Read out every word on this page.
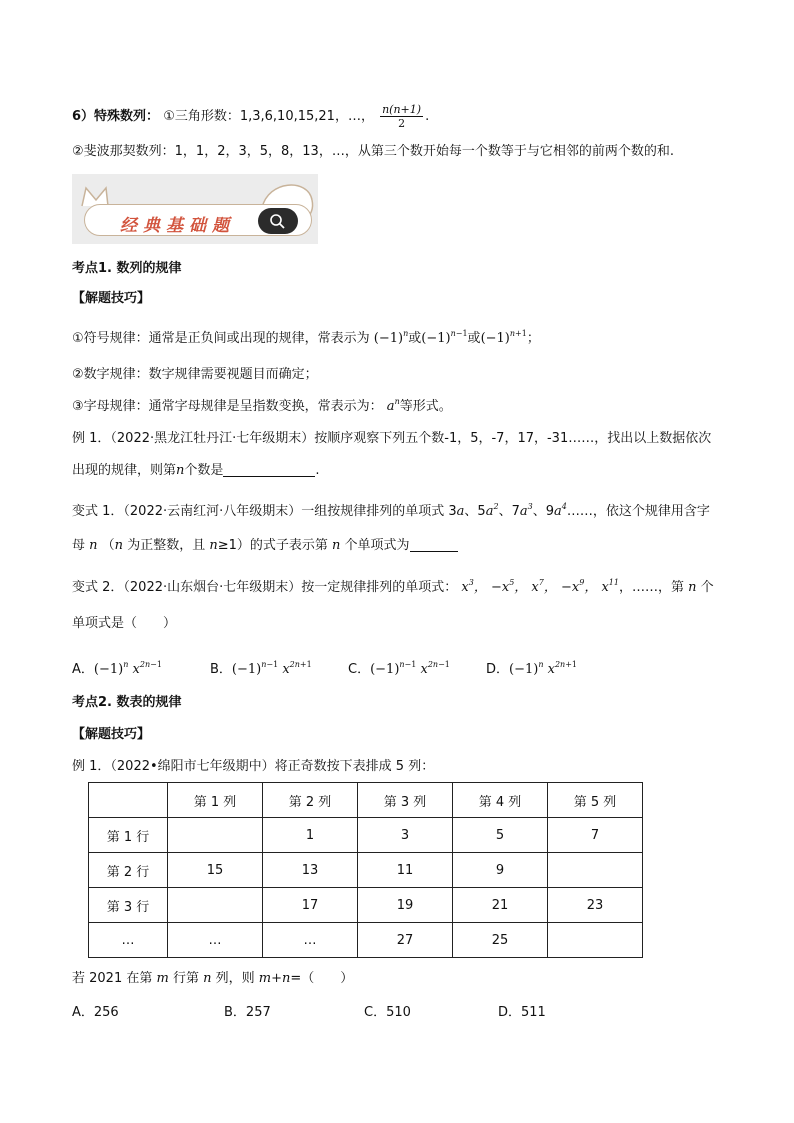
6）特殊数列： ①三角形数：1,3,6,10,15,21，…， $\frac{n(n+1)}{2}$ .
②斐波那契数列：1，1，2，3，5，8，13，…，从第三个数开始每一个数等于与它相邻的前两个数的和.
经典基础题
考点1. 数列的规律
【解题技巧】
①符号规律：通常是正负间或出现的规律，常表示为 $(-1)^n$或$(-1)^{n-1}$或$(-1)^{n+1}$；
②数字规律：数字规律需要视题目而确定；
③字母规律：通常字母规律是呈指数变换，常表示为： $a^n$等形式。
例 1．（2022·黑龙江牡丹江·七年级期末）按顺序观察下列五个数-1，5，-7，17，-31……，找出以上数据依次
出现的规律，则第n个数是	.
变式 1．（2022·云南红河·八年级期末）一组按规律排列的单项式 3a、$5a^2$、$7a^3$、$9a^4\dots\dots$，依这个规律用含字
母 n （n 为正整数，且 n≥1）的式子表示第 n 个单项式为
变式 2．（2022·山东烟台·七年级期末）按一定规律排列的单项式： $x^3$， $-x^5$， $x^7$， $-x^9$， $x^{11}$，……，第 n 个
单项式是（　　）
A．$(-1)^n$ $x^{2n-1}$	B．$(-1)^{n-1}$ $x^{2n+1}$	C．$(-1)^{n-1}$ $x^{2n-1}$	D．$(-1)^n$ $x^{2n+1}$
考点2. 数表的规律
【解题技巧】
例 1．（2022•绵阳市七年级期中）将正奇数按下表排成 5 列：
	第 1 列	第 2 列	第 3 列	第 4 列	第 5 列
第 1 行		1	3	5	7
第 2 行	15	13	11	9	
第 3 行		17	19	21	23
…	…	…	27	25	
若 2021 在第 m 行第 n 列，则 m+n=（　　）
A．256	B．257	C．510	D．511
